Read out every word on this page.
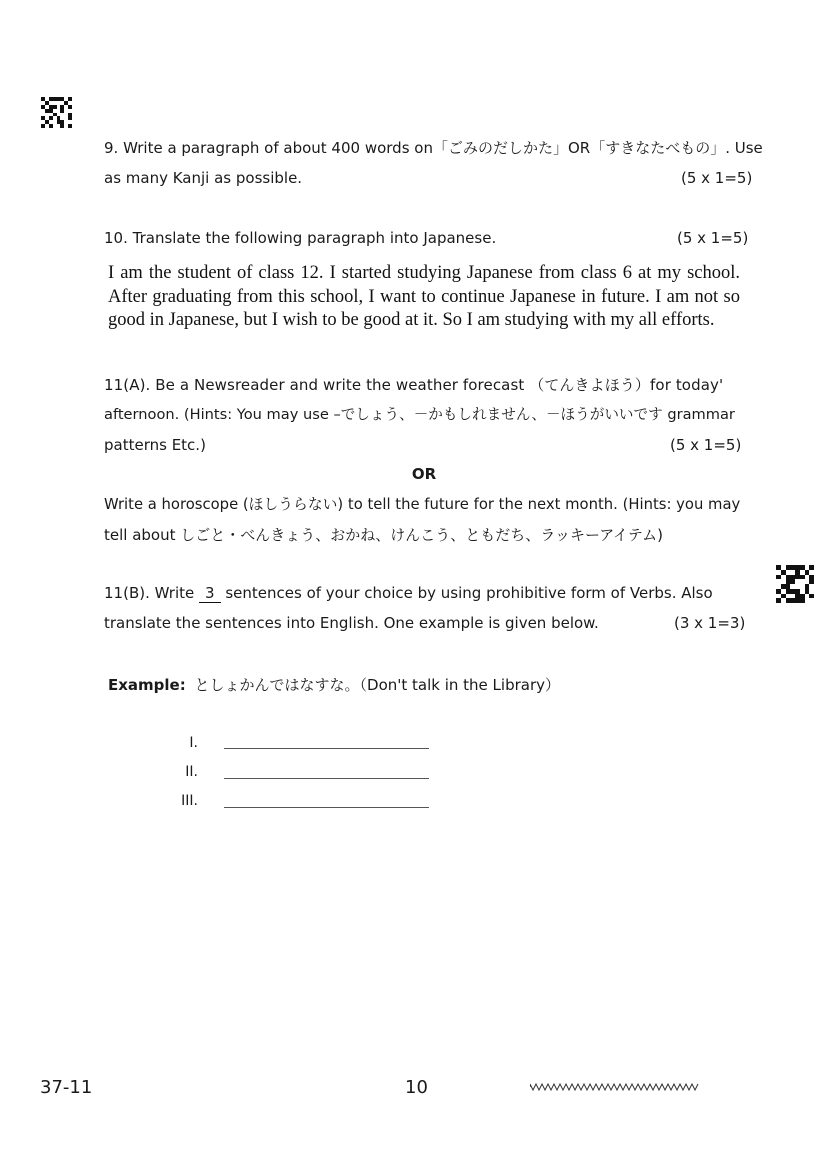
9. Write a paragraph of about 400 words on「ごみのだしかた」OR「すきなたべもの」. Use
as many Kanji as possible.	(5 x 1=5)
10. Translate the following paragraph into Japanese.	(5 x 1=5)
I am the student of class 12. I started studying Japanese from class 6 at my school. After graduating from this school, I want to continue Japanese in future. I am not so good in Japanese, but I wish to be good at it. So I am studying with my all efforts.
11(A). Be a Newsreader and write the weather forecast （てんきよほう）for today'
afternoon. (Hints: You may use –でしょう、－かもしれません、－ほうがいいです grammar
patterns Etc.)	(5 x 1=5)
OR
Write a horoscope (ほしうらない) to tell the future for the next month. (Hints: you may
tell about しごと・べんきょう、おかね、けんこう、ともだち、ラッキーアイテム)
11(B). Write 3 sentences of your choice by using prohibitive form of Verbs. Also
translate the sentences into English. One example is given below.	(3 x 1=3)
Example: としょかんではなすな。（Don't talk in the Library）
I.
II.
III.
37-11	10
